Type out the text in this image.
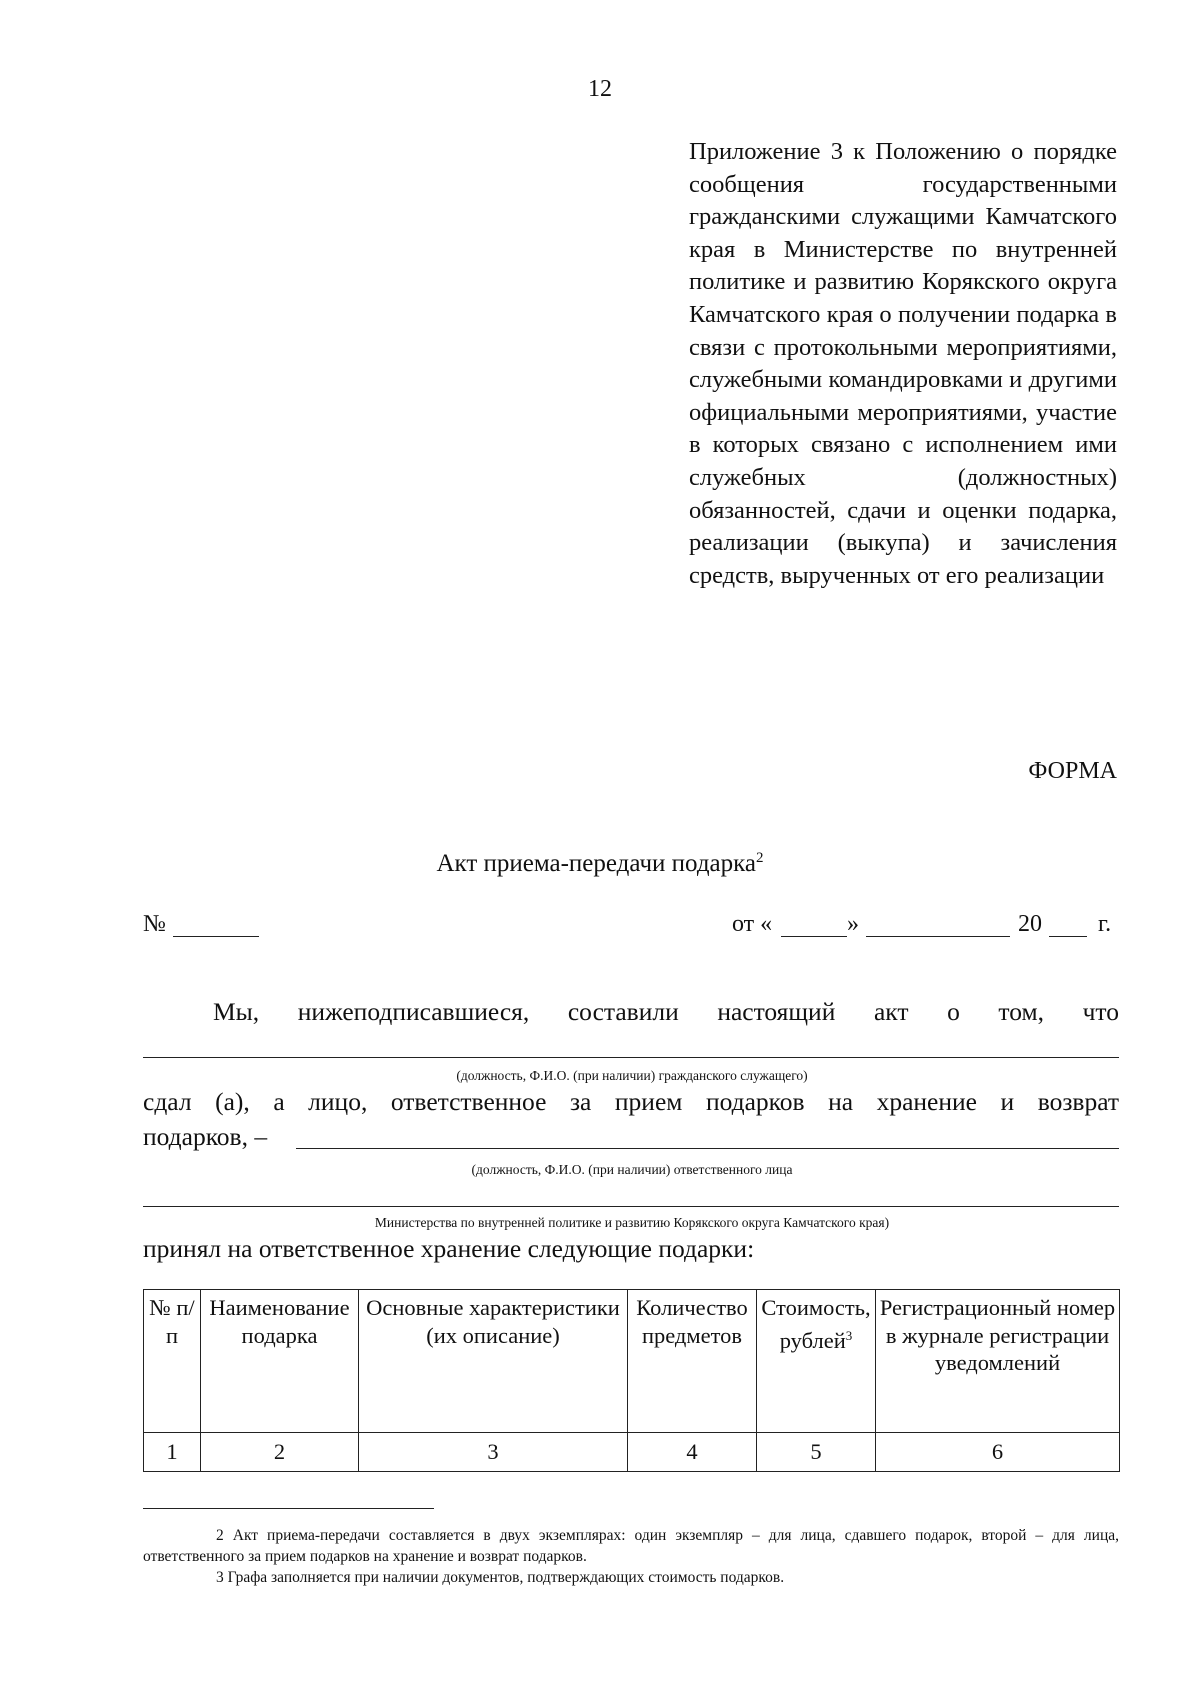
12
Приложение 3 к Положению о порядке сообщения государственными гражданскими служащими Камчатского края в Министерстве по внутренней политике и развитию Корякского округа Камчатского края о получении подарка в связи с протокольными мероприятиями, служебными командировками и другими официальными мероприятиями, участие в которых связано с исполнением ими служебных (должностных) обязанностей, сдачи и оценки подарка, реализации (выкупа) и зачисления средств, вырученных от его реализации
ФОРМА
Акт приема-передачи подарка$^2$
№	от «	»	20 г.
Мы, нижеподписавшиеся, составили настоящий акт о том, что
(должность, Ф.И.О. (при наличии) гражданского служащего)
сдал (а), а лицо, ответственное за прием подарков на хранение и возврат
подарков, –
(должность, Ф.И.О. (при наличии) ответственного лица
Министерства по внутренней политике и развитию Корякского округа Камчатского края)
принял на ответственное хранение следующие подарки:
№ п/п	Наименование подарка	Основные характеристики (их описание)	Количество предметов	Стоимость, рублей$^3$	Регистрационный номер в журнале регистрации уведомлений
1	2	3	4	5	6

2 Акт приема-передачи составляется в двух экземплярах: один экземпляр – для лица, сдавшего подарок, второй – для лица, ответственного за прием подарков на хранение и возврат подарков.

3 Графа заполняется при наличии документов, подтверждающих стоимость подарков.
